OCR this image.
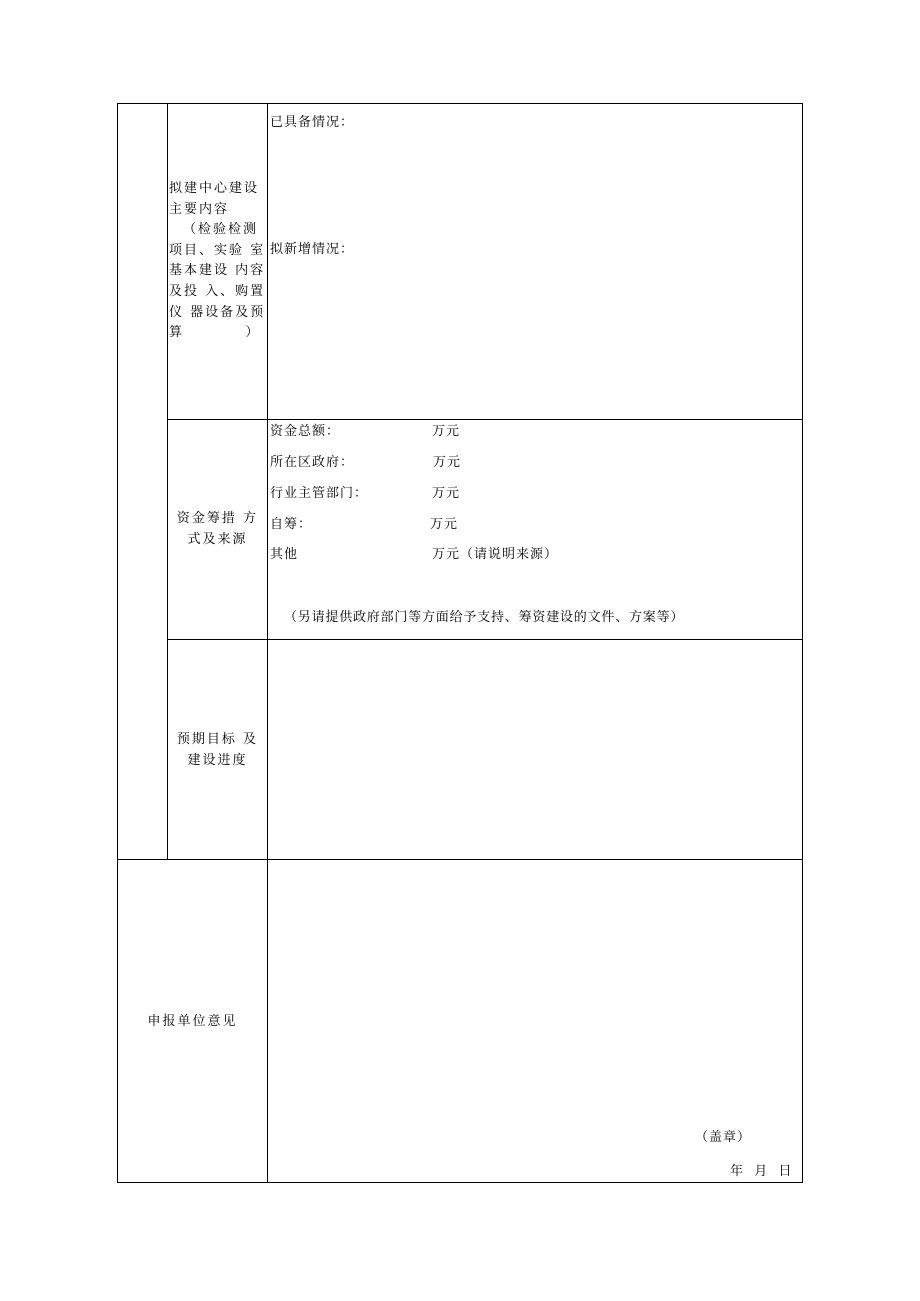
拟建中心建设
主要内容
（检验检测
项目、实验 室
基本建设 内容
及投 入、购置
仪 器设备及预
算          ）
已具备情况：
拟新增情况：
资金筹措 方
式及来源
资金总额：	万元
所在区政府：	万元
行业主管部门：	万元
自筹：	万元
其他	万元（请说明来源）
（另请提供政府部门等方面给予支持、筹资建设的文件、方案等）
预期目标 及
建设进度
申报单位意见
（盖章）
年  月  日
